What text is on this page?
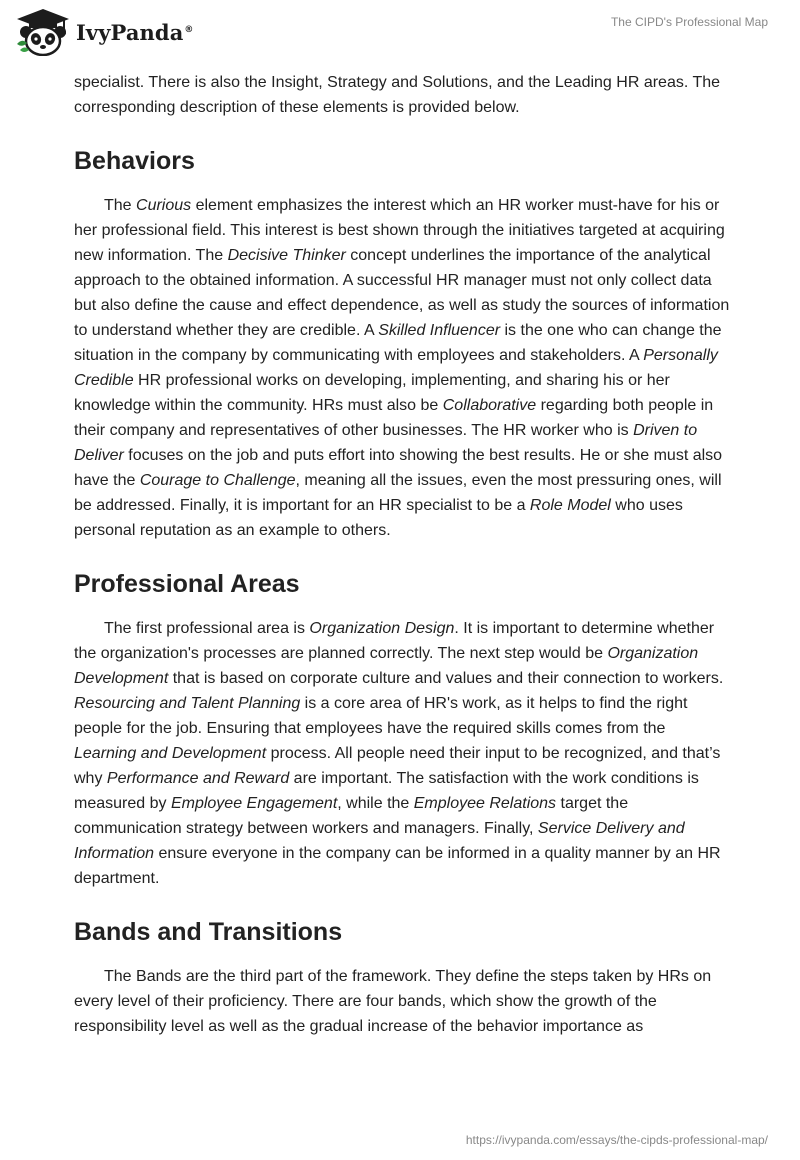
IvyPanda®
The CIPD's Professional Map

specialist. There is also the Insight, Strategy and Solutions, and the Leading HR areas. The corresponding description of these elements is provided below.

Behaviors

The Curious element emphasizes the interest which an HR worker must-have for his or her professional field. This interest is best shown through the initiatives targeted at acquiring new information. The Decisive Thinker concept underlines the importance of the analytical approach to the obtained information. A successful HR manager must not only collect data but also define the cause and effect dependence, as well as study the sources of information to understand whether they are credible. A Skilled Influencer is the one who can change the situation in the company by communicating with employees and stakeholders. A Personally Credible HR professional works on developing, implementing, and sharing his or her knowledge within the community. HRs must also be Collaborative regarding both people in their company and representatives of other businesses. The HR worker who is Driven to Deliver focuses on the job and puts effort into showing the best results. He or she must also have the Courage to Challenge, meaning all the issues, even the most pressuring ones, will be addressed. Finally, it is important for an HR specialist to be a Role Model who uses personal reputation as an example to others.

Professional Areas

The first professional area is Organization Design. It is important to determine whether the organization's processes are planned correctly. The next step would be Organization Development that is based on corporate culture and values and their connection to workers. Resourcing and Talent Planning is a core area of HR's work, as it helps to find the right people for the job. Ensuring that employees have the required skills comes from the Learning and Development process. All people need their input to be recognized, and that’s why Performance and Reward are important. The satisfaction with the work conditions is measured by Employee Engagement, while the Employee Relations target the communication strategy between workers and managers. Finally, Service Delivery and Information ensure everyone in the company can be informed in a quality manner by an HR department.

Bands and Transitions

The Bands are the third part of the framework. They define the steps taken by HRs on every level of their proficiency. There are four bands, which show the growth of the responsibility level as well as the gradual increase of the behavior importance as

https://ivypanda.com/essays/the-cipds-professional-map/
